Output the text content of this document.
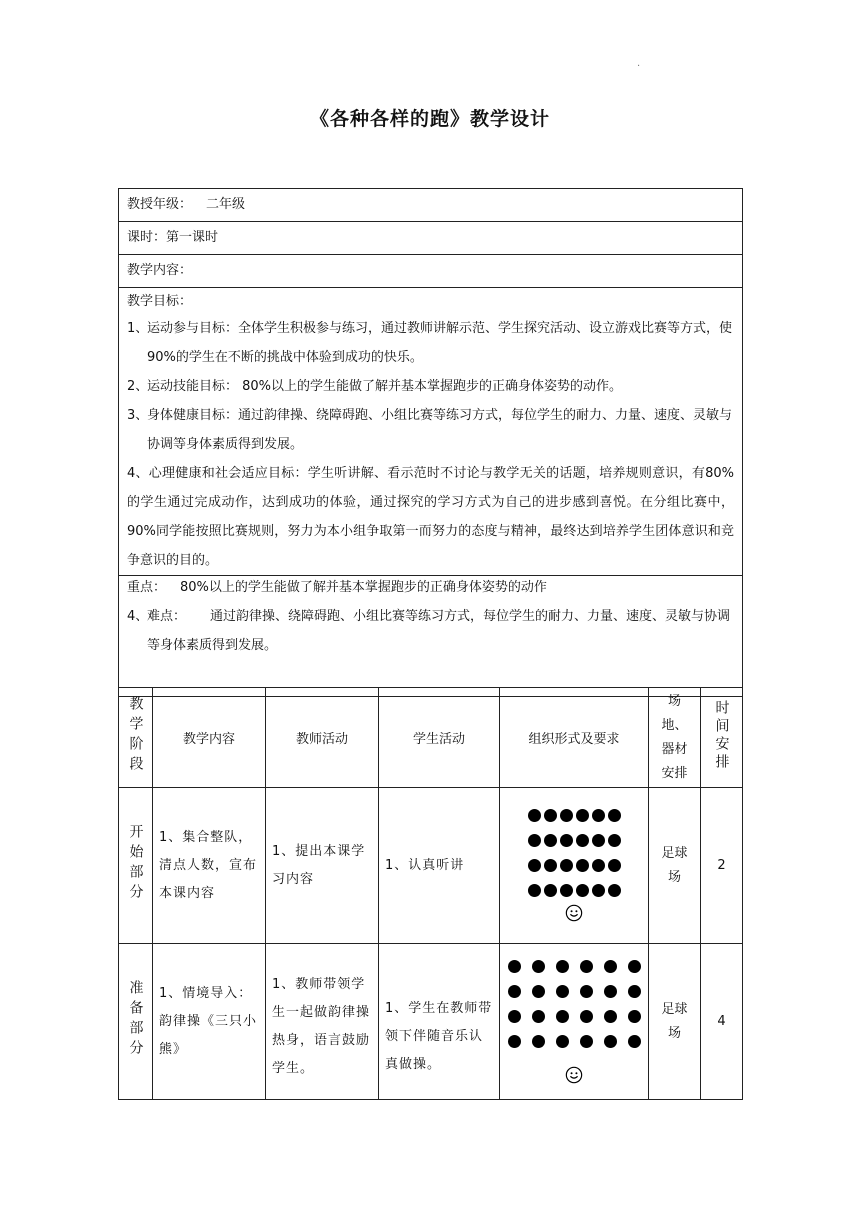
.
《各种各样的跑》教学设计
教授年级： 二年级
课时：第一课时
教学内容：

教学目标：
1、
运动参与目标：全体学生积极参与练习，通过教师讲解示范、学生探究活动、设立游戏比赛等方式，使90%的学生在不断的挑战中体验到成功的快乐。
2、
运动技能目标： 80%以上的学生能做了解并基本掌握跑步的正确身体姿势的动作。
3、
身体健康目标：通过韵律操、绕障碍跑、小组比赛等练习方式，每位学生的耐力、力量、速度、灵敏与协调等身体素质得到发展。
4、心理健康和社会适应目标：学生听讲解、看示范时不讨论与教学无关的话题，培养规则意识，有80%的学生通过完成动作，达到成功的体验，通过探究的学习方式为自己的进步感到喜悦。在分组比赛中，90%同学能按照比赛规则，努力为本小组争取第一而努力的态度与精神，最终达到培养学生团体意识和竞争意识的目的。

重点： 80%以上的学生能做了解并基本掌握跑步的正确身体姿势的动作
4、
难点： 通过韵律操、绕障碍跑、小组比赛等练习方式，每位学生的耐力、力量、速度、灵敏与协调等身体素质得到发展。
教学阶段	教学内容	教师活动	学生活动	组织形式及要求	场
地、
器材
安排	时间安排
开始部分	1、集合整队，清点人数，宣布本课内容	1、提出本课学习内容	1、认真听讲		足球场	2
准备部分	1、情境导入：韵律操《三只小熊》	1、教师带领学生一起做韵律操热身，语言鼓励学生。	1、学生在教师带领下伴随音乐认真做操。		足球场	4
